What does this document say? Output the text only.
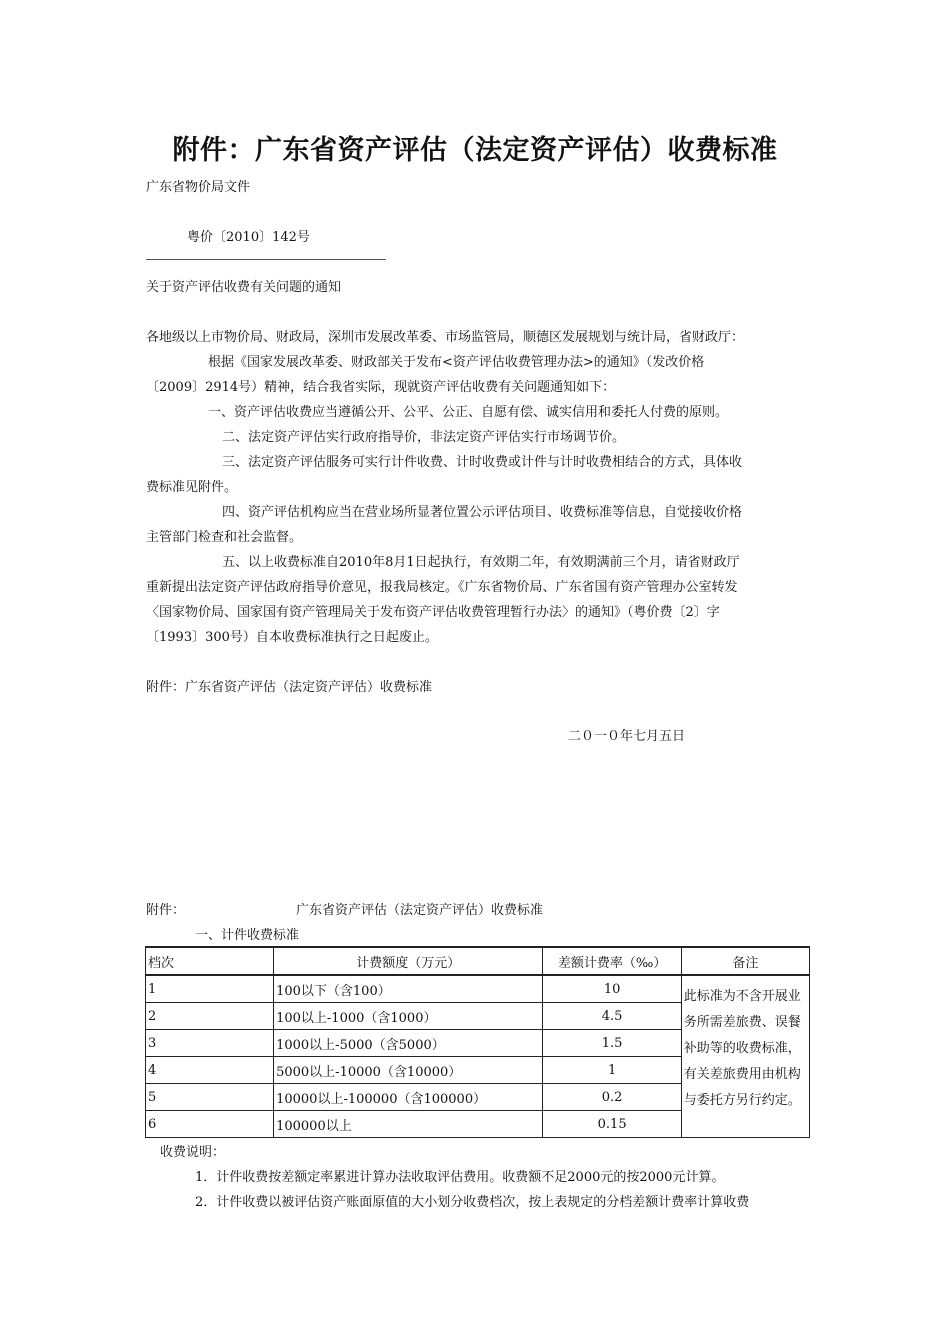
附件：广东省资产评估（法定资产评估）收费标准
广东省物价局文件
粤价〔2010〕142号
关于资产评估收费有关问题的通知
各地级以上市物价局、财政局，深圳市发展改革委、市场监管局，顺德区发展规划与统计局，省财政厅：
根据《国家发展改革委、财政部关于发布<资产评估收费管理办法>的通知》（发改价格
〔2009〕2914号）精神，结合我省实际，现就资产评估收费有关问题通知如下：
一、资产评估收费应当遵循公开、公平、公正、自愿有偿、诚实信用和委托人付费的原则。
二、法定资产评估实行政府指导价，非法定资产评估实行市场调节价。
三、法定资产评估服务可实行计件收费、计时收费或计件与计时收费相结合的方式，具体收
费标准见附件。
四、资产评估机构应当在营业场所显著位置公示评估项目、收费标准等信息，自觉接收价格
主管部门检查和社会监督。
五、以上收费标准自2010年8月1日起执行，有效期二年，有效期满前三个月，请省财政厅
重新提出法定资产评估政府指导价意见，报我局核定。《广东省物价局、广东省国有资产管理办公室转发
〈国家物价局、国家国有资产管理局关于发布资产评估收费管理暂行办法〉的通知》（粤价费〔2〕字
〔1993〕300号）自本收费标准执行之日起废止。
附件：广东省资产评估（法定资产评估）收费标准
二０一０年七月五日
附件：	广东省资产评估（法定资产评估）收费标准
一、计件收费标准
档次	计费额度（万元）	差额计费率（‰）	备注
1	100以下（含100）	10	此标准为不含开展业务所需差旅费、误餐补助等的收费标准，有关差旅费用由机构与委托方另行约定。
2	100以上-1000（含1000）	4.5	
3	1000以上-5000（含5000）	1.5	
4	5000以上-10000（含10000）	1	
5	10000以上-100000（含100000）	0.2	
6	100000以上	0.15	
收费说明：
1．计件收费按差额定率累进计算办法收取评估费用。收费额不足2000元的按2000元计算。
2．计件收费以被评估资产账面原值的大小划分收费档次，按上表规定的分档差额计费率计算收费
